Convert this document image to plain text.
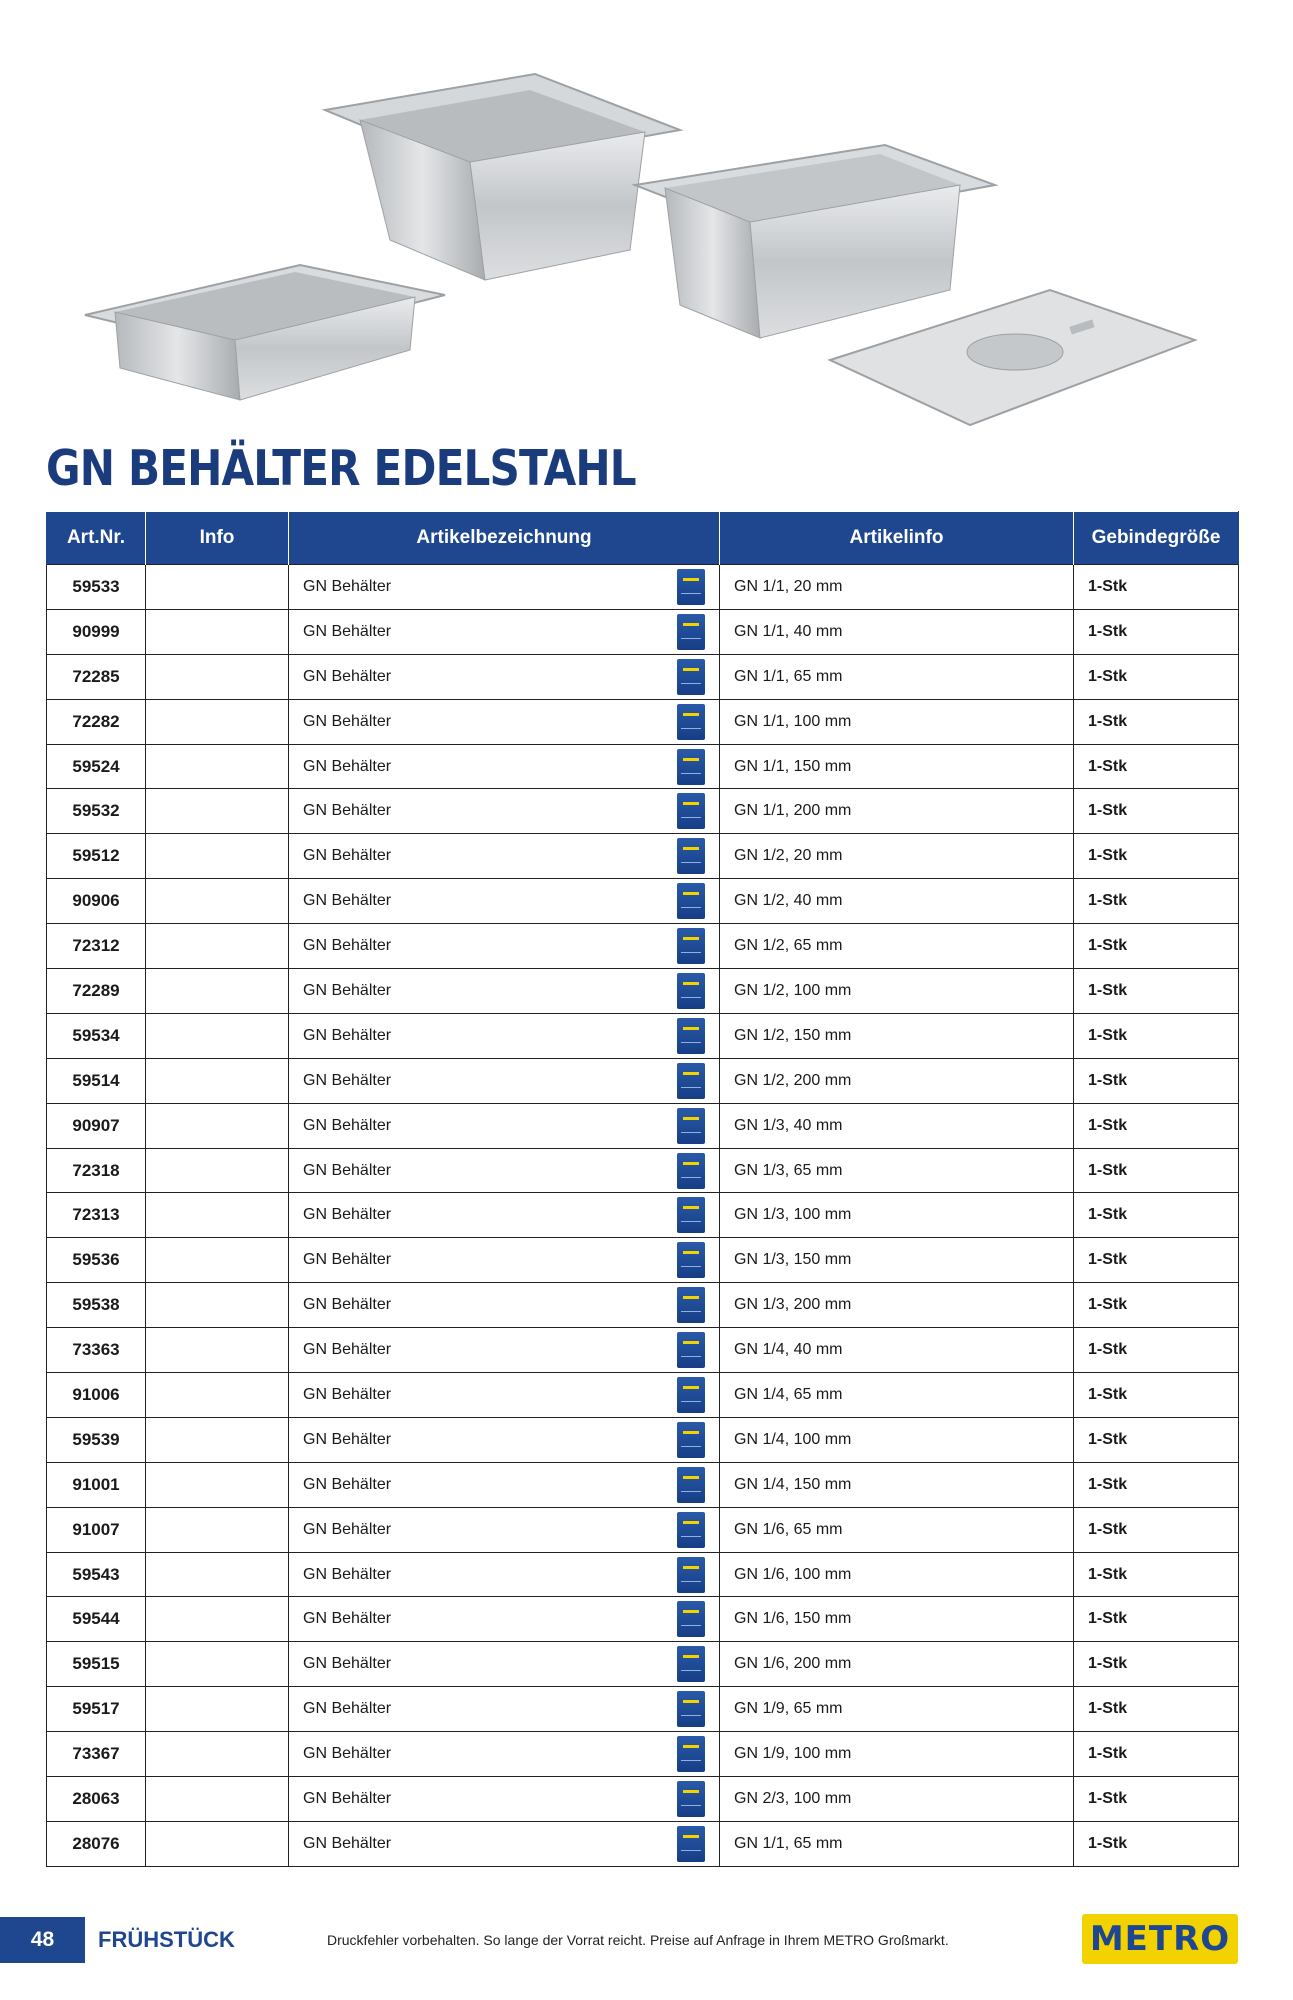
GN BEHÄLTER EDELSTAHL
Art.Nr.	Info	Artikelbezeichnung	Artikelinfo	Gebindegröße
59533		GN Behälter	GN 1/1, 20 mm	1-Stk
90999		GN Behälter	GN 1/1, 40 mm	1-Stk
72285		GN Behälter	GN 1/1, 65 mm	1-Stk
72282		GN Behälter	GN 1/1, 100 mm	1-Stk
59524		GN Behälter	GN 1/1, 150 mm	1-Stk
59532		GN Behälter	GN 1/1, 200 mm	1-Stk
59512		GN Behälter	GN 1/2, 20 mm	1-Stk
90906		GN Behälter	GN 1/2, 40 mm	1-Stk
72312		GN Behälter	GN 1/2, 65 mm	1-Stk
72289		GN Behälter	GN 1/2, 100 mm	1-Stk
59534		GN Behälter	GN 1/2, 150 mm	1-Stk
59514		GN Behälter	GN 1/2, 200 mm	1-Stk
90907		GN Behälter	GN 1/3, 40 mm	1-Stk
72318		GN Behälter	GN 1/3, 65 mm	1-Stk
72313		GN Behälter	GN 1/3, 100 mm	1-Stk
59536		GN Behälter	GN 1/3, 150 mm	1-Stk
59538		GN Behälter	GN 1/3, 200 mm	1-Stk
73363		GN Behälter	GN 1/4, 40 mm	1-Stk
91006		GN Behälter	GN 1/4, 65 mm	1-Stk
59539		GN Behälter	GN 1/4, 100 mm	1-Stk
91001		GN Behälter	GN 1/4, 150 mm	1-Stk
91007		GN Behälter	GN 1/6, 65 mm	1-Stk
59543		GN Behälter	GN 1/6, 100 mm	1-Stk
59544		GN Behälter	GN 1/6, 150 mm	1-Stk
59515		GN Behälter	GN 1/6, 200 mm	1-Stk
59517		GN Behälter	GN 1/9, 65 mm	1-Stk
73367		GN Behälter	GN 1/9, 100 mm	1-Stk
28063		GN Behälter	GN 2/3, 100 mm	1-Stk
28076		GN Behälter	GN 1/1, 65 mm	1-Stk
48	FRÜHSTÜCK	Druckfehler vorbehalten. So lange der Vorrat reicht. Preise auf Anfrage in Ihrem METRO Großmarkt.	METRO
